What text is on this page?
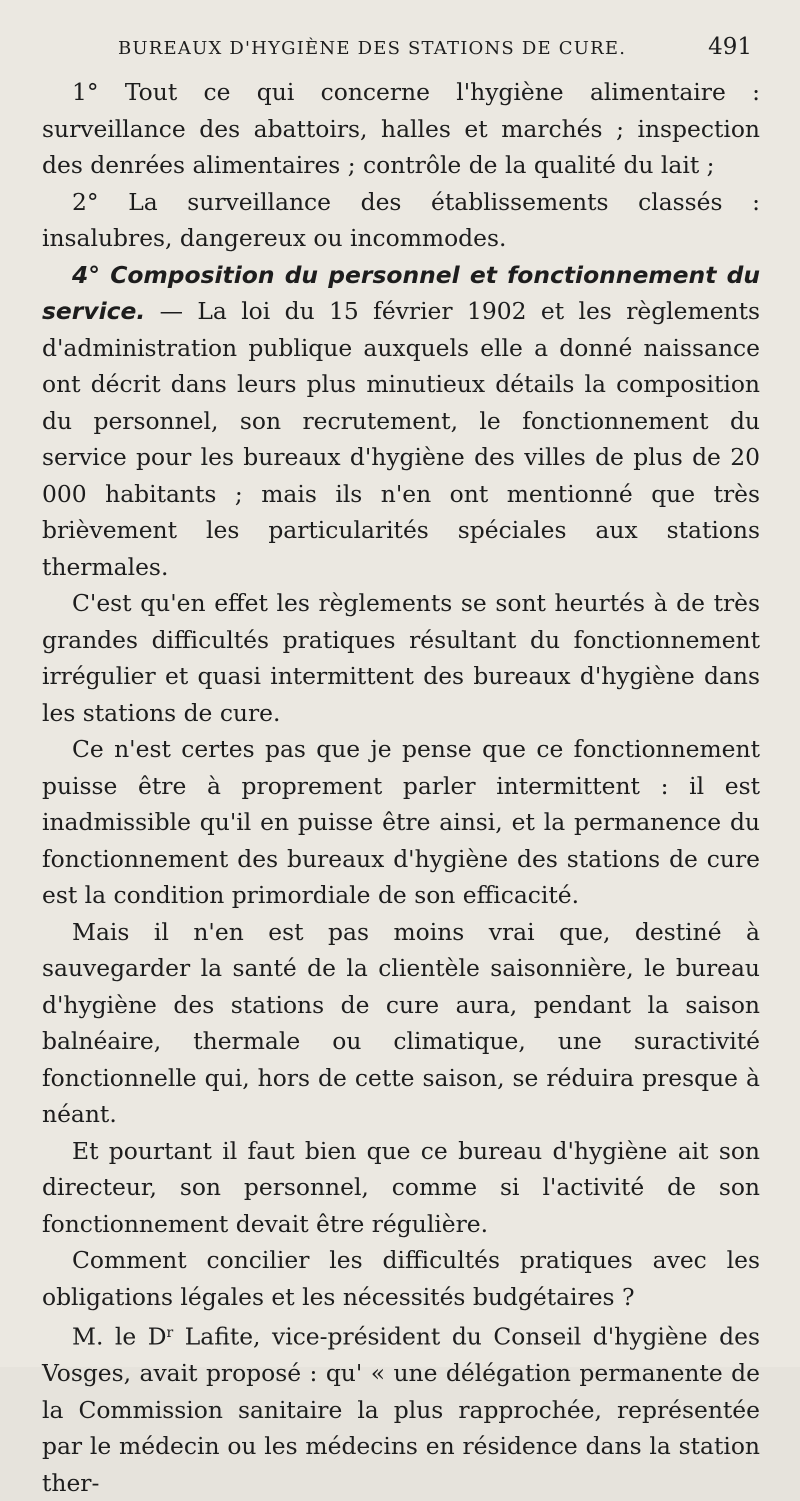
BUREAUX D'HYGIÈNE DES STATIONS DE CURE.	491

1° Tout ce qui concerne l'hygiène alimentaire : surveillance des abattoirs, halles et marchés ; inspection des denrées alimentaires ; contrôle de la qualité du lait ;

2° La surveillance des établissements classés : insalubres, dangereux ou incommodes.

4° Composition du personnel et fonctionnement du service. — La loi du 15 février 1902 et les règlements d'administration publique auxquels elle a donné naissance ont décrit dans leurs plus minutieux détails la composition du personnel, son recrutement, le fonctionnement du service pour les bureaux d'hygiène des villes de plus de 20 000 habitants ; mais ils n'en ont mentionné que très brièvement les particularités spéciales aux stations thermales.

C'est qu'en effet les règlements se sont heurtés à de très grandes difficultés pratiques résultant du fonctionnement irrégulier et quasi intermittent des bureaux d'hygiène dans les stations de cure.

Ce n'est certes pas que je pense que ce fonctionnement puisse être à proprement parler intermittent : il est inadmissible qu'il en puisse être ainsi, et la permanence du fonctionnement des bureaux d'hygiène des stations de cure est la condition primordiale de son efficacité.

Mais il n'en est pas moins vrai que, destiné à sauvegarder la santé de la clientèle saisonnière, le bureau d'hygiène des stations de cure aura, pendant la saison balnéaire, thermale ou climatique, une suractivité fonctionnelle qui, hors de cette saison, se réduira presque à néant.

Et pourtant il faut bien que ce bureau d'hygiène ait son directeur, son personnel, comme si l'activité de son fonctionnement devait être régulière.

Comment concilier les difficultés pratiques avec les obligations légales et les nécessités budgétaires ?

M. le $D^r$ Lafite, vice-président du Conseil d'hygiène des Vosges, avait proposé : qu' « une délégation permanente de la Commission sanitaire la plus rapprochée, représentée par le médecin ou les médecins en résidence dans la station ther-
